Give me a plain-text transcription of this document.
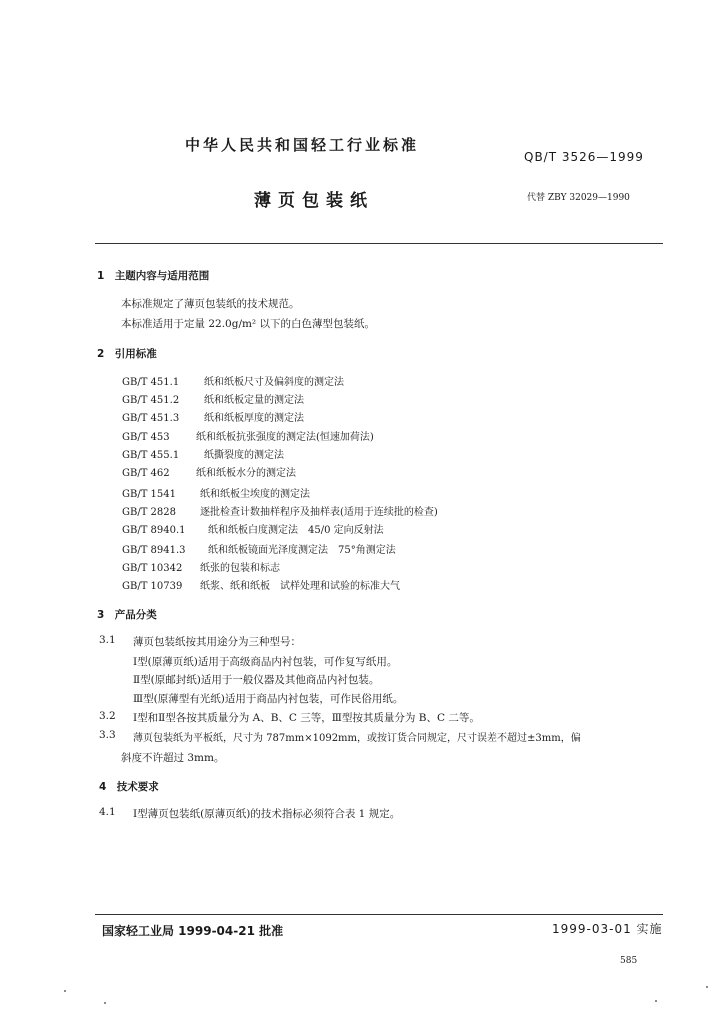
中华人民共和国轻工行业标准
QB/T 3526—1999
薄页包装纸	代替 ZBY 32029—1990
1　主题内容与适用范围
本标准规定了薄页包装纸的技术规范。
本标准适用于定量 22.0g/m² 以下的白色薄型包装纸。
2　引用标准
GB/T 451.1 纸和纸板尺寸及偏斜度的测定法
GB/T 451.2 纸和纸板定量的测定法
GB/T 451.3 纸和纸板厚度的测定法
GB/T 453	纸和纸板抗张强度的测定法(恒速加荷法)
GB/T 455.1 纸撕裂度的测定法
GB/T 462	纸和纸板水分的测定法
GB/T 1541 纸和纸板尘埃度的测定法
GB/T 2828 逐批检查计数抽样程序及抽样表(适用于连续批的检查)
GB/T 8940.1 纸和纸板白度测定法　45/0 定向反射法
GB/T 8941.3 纸和纸板镜面光泽度测定法　75°角测定法
GB/T 10342 纸张的包装和标志
GB/T 10739 纸浆、纸和纸板　试样处理和试验的标准大气
3　产品分类
3.1 薄页包装纸按其用途分为三种型号：
Ⅰ型(原薄页纸)适用于高级商品内衬包装，可作复写纸用。
Ⅱ型(原邮封纸)适用于一般仪器及其他商品内衬包装。
Ⅲ型(原薄型有光纸)适用于商品内衬包装，可作民俗用纸。
3.2 Ⅰ型和Ⅱ型各按其质量分为 A、B、C 三等，Ⅲ型按其质量分为 B、C 二等。
3.3 薄页包装纸为平板纸，尺寸为 787mm×1092mm，或按订货合同规定，尺寸误差不超过±3mm，偏
斜度不许超过 3mm。
4　技术要求
4.1 Ⅰ型薄页包装纸(原薄页纸)的技术指标必须符合表 1 规定。
国家轻工业局 1999-04-21 批准	1999-03-01 实施
585
